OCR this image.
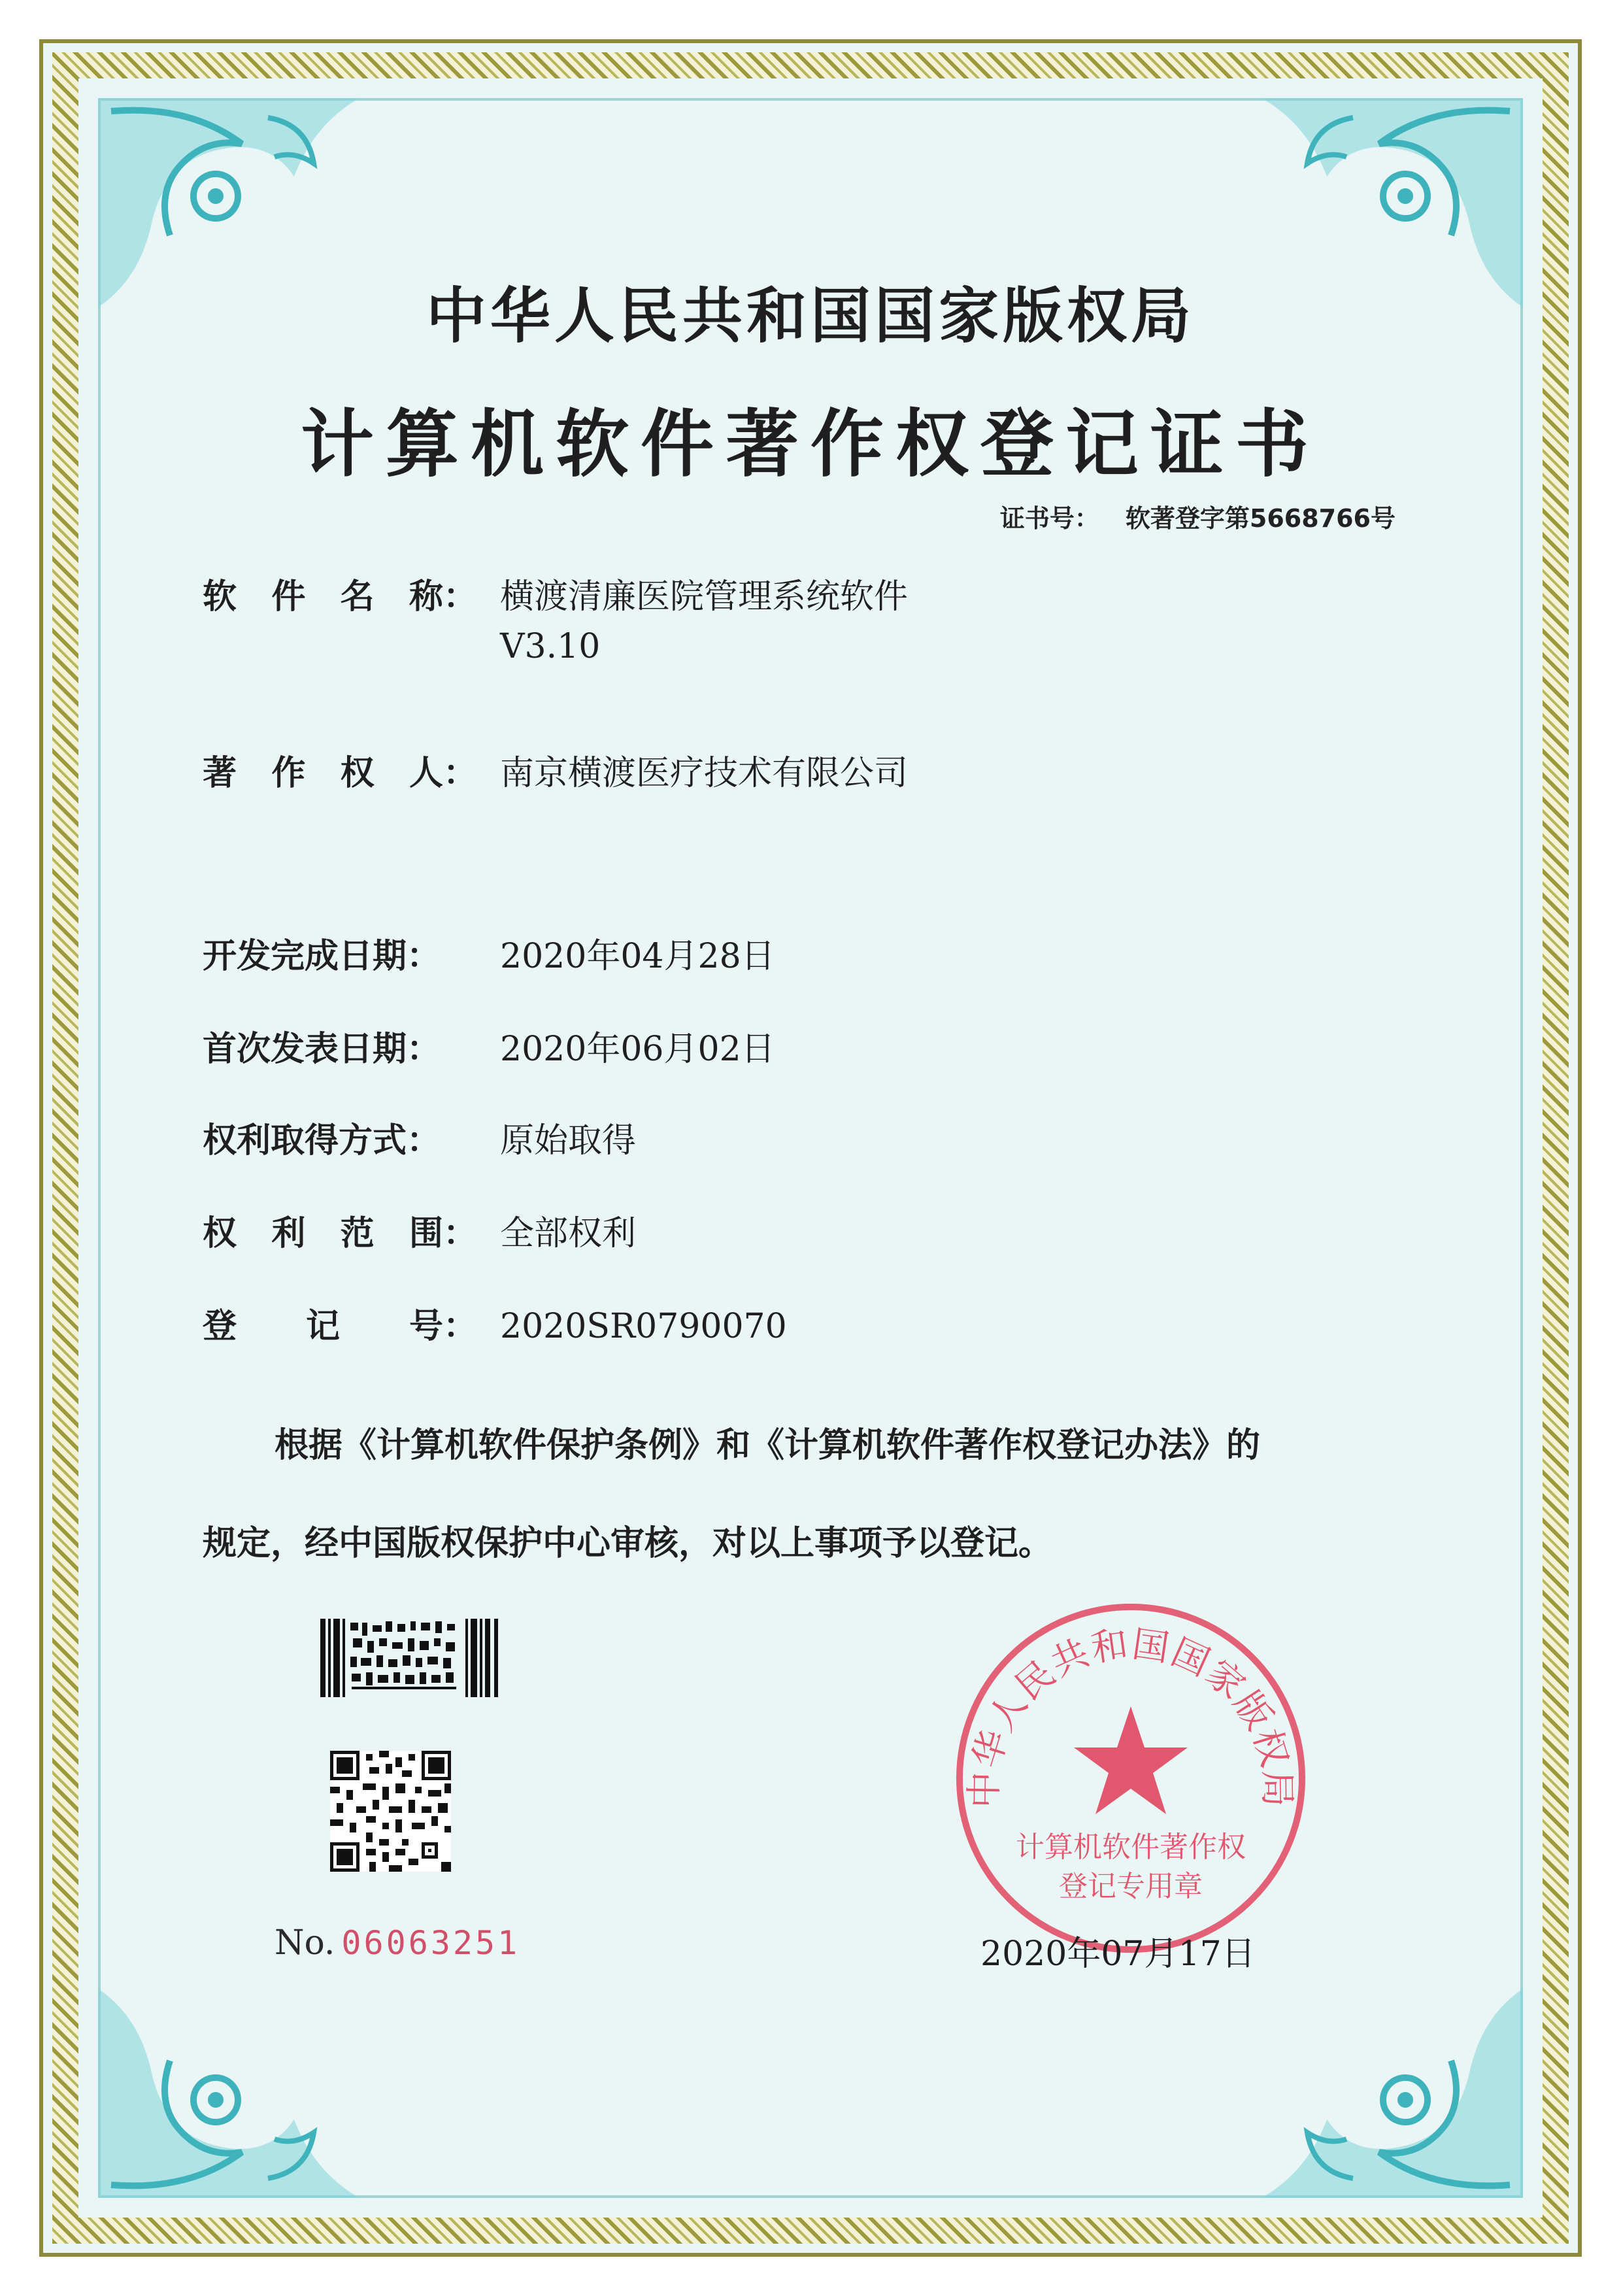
中华人民共和国国家版权局
计算机软件著作权登记证书
证书号： 软著登字第5668766号
软 件 名 称： 横渡清廉医院管理系统软件
V3.10
著 作 权 人： 南京横渡医疗技术有限公司
开发完成日期：	2020年04月28日
首次发表日期：	2020年06月02日
权利取得方式：	原始取得
权 利 范 围： 全部权利
登 记 号： 2020SR0790070
根据《计算机软件保护条例》和《计算机软件著作权登记办法》的
规定，经中国版权保护中心审核，对以上事项予以登记。
No. 06063251
中华人民共和国国家版权局
计算机软件著作权
登记专用章
2020年07月17日
